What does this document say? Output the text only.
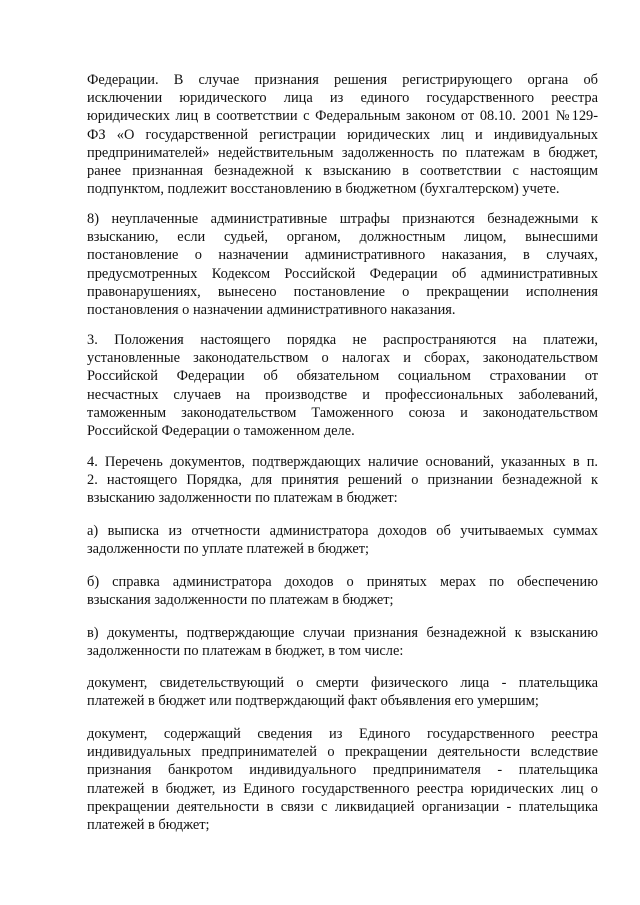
Федерации. В случае признания решения регистрирующего органа об
исключении юридического лица из единого государственного реестра
юридических лиц в соответствии с Федеральным законом от 08.10. 2001 №129-
ФЗ «О государственной регистрации юридических лиц и индивидуальных
предпринимателей» недействительным задолженность по платежам в бюджет,
ранее признанная безнадежной к взысканию в соответствии с настоящим
подпунктом, подлежит восстановлению в бюджетном (бухгалтерском) учете.
8) неуплаченные административные штрафы признаются безнадежными к
взысканию, если судьей, органом, должностным лицом, вынесшими
постановление о назначении административного наказания, в случаях,
предусмотренных Кодексом Российской Федерации об административных
правонарушениях, вынесено постановление о прекращении исполнения
постановления о назначении административного наказания.
3. Положения настоящего порядка не распространяются на платежи,
установленные законодательством о налогах и сборах, законодательством
Российской Федерации об обязательном социальном страховании от
несчастных случаев на производстве и профессиональных заболеваний,
таможенным законодательством Таможенного союза и законодательством
Российской Федерации о таможенном деле.
4. Перечень документов, подтверждающих наличие оснований, указанных в п.
2. настоящего Порядка, для принятия решений о признании безнадежной к
взысканию задолженности по платежам в бюджет:
а) выписка из отчетности администратора доходов об учитываемых суммах
задолженности по уплате платежей в бюджет;
б) справка администратора доходов о принятых мерах по обеспечению
взыскания задолженности по платежам в бюджет;
в) документы, подтверждающие случаи признания безнадежной к взысканию
задолженности по платежам в бюджет, в том числе:
документ, свидетельствующий о смерти физического лица - плательщика
платежей в бюджет или подтверждающий факт объявления его умершим;
документ, содержащий сведения из Единого государственного реестра
индивидуальных предпринимателей о прекращении деятельности вследствие
признания банкротом индивидуального предпринимателя - плательщика
платежей в бюджет, из Единого государственного реестра юридических лиц о
прекращении деятельности в связи с ликвидацией организации - плательщика
платежей в бюджет;
